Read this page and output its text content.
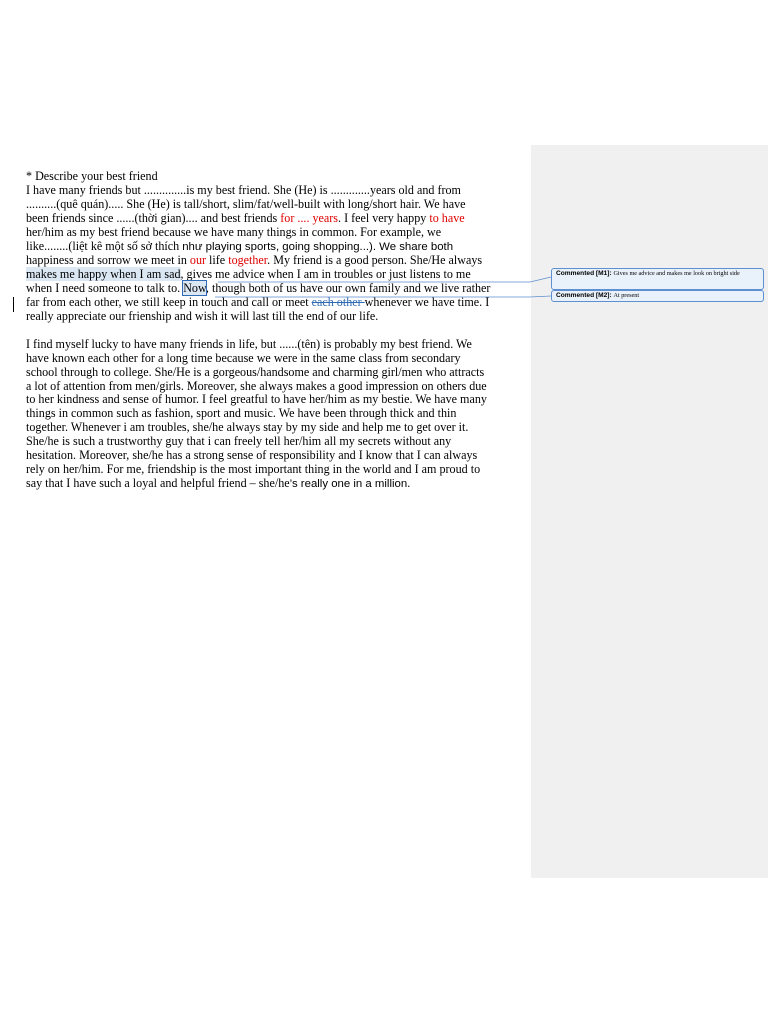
* Describe your best friend

I have many friends but ..............is my best friend. She (He) is .............years old and from

..........(quê quán)..... She (He) is tall/short, slim/fat/well-built with long/short hair. We have

been friends since ......(thời gian).... and best friends for .... years. I feel very happy to have

her/him as my best friend because we have many things in common. For example, we

like........(liệt kê một số sở thích như playing sports, going shopping...). We share both

happiness and sorrow we meet in our life together. My friend is a good person. She/He always

makes me happy when I am sad, gives me advice when I am in troubles or just listens to me

when I need someone to talk to. Now, though both of us have our own family and we live rather

far from each other, we still keep in touch and call or meet each other whenever we have time. I

really appreciate our frienship and wish it will last till the end of our life.

I find myself lucky to have many friends in life, but ......(tên) is probably my best friend. We

have known each other for a long time because we were in the same class from secondary

school through to college. She/He is a gorgeous/handsome and charming girl/men who attracts

a lot of attention from men/girls. Moreover, she always makes a good impression on others due

to her kindness and sense of humor. I feel greatful to have her/him as my bestie. We have many

things in common such as fashion, sport and music. We have been through thick and thin

together. Whenever i am troubles, she/he always stay by my side and help me to get over it.

She/he is such a trustworthy guy that i can freely tell her/him all my secrets without any

hesitation. Moreover, she/he has a strong sense of responsibility and I know that I can always

rely on her/him. For me, friendship is the most important thing in the world and I am proud to

say that I have such a loyal and helpful friend – she/he’s really one in a million.

Commented [M1]: Gives me advice and makes me look on bright side
Commented [M2]: At present
